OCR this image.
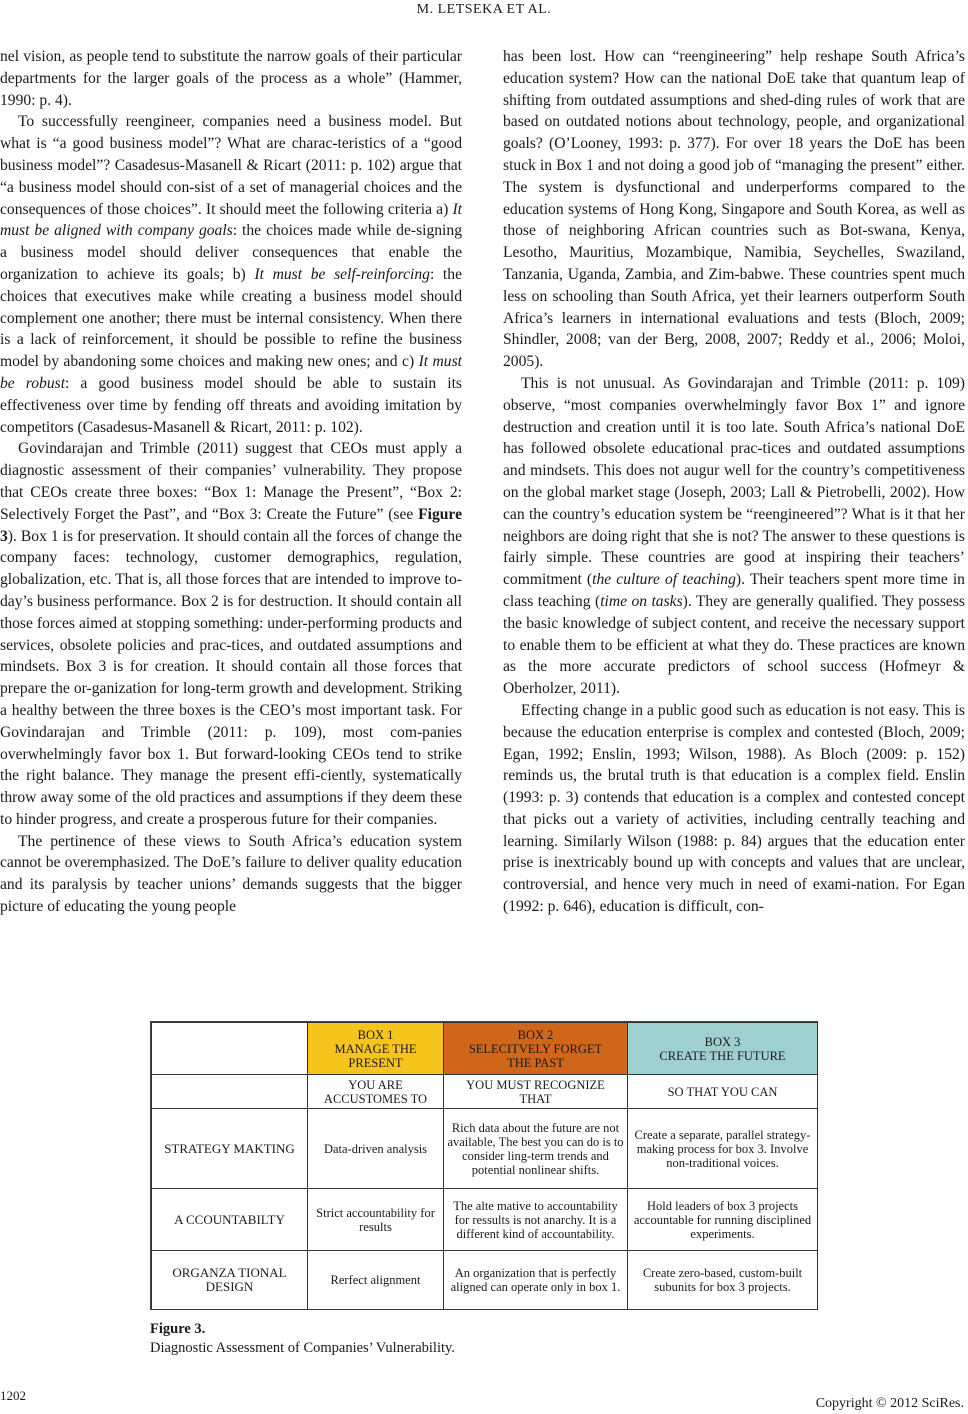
M. LETSEKA ET AL.

nel vision, as people tend to substitute the narrow goals of their particular departments for the larger goals of the process as a whole” (Hammer, 1990: p. 4).

To successfully reengineer, companies need a business model. But what is “a good business model”? What are charac-teristics of a “good business model”? Casadesus-Masanell & Ricart (2011: p. 102) argue that “a business model should con-sist of a set of managerial choices and the consequences of those choices”. It should meet the following criteria a) It must be aligned with company goals: the choices made while de-signing a business model should deliver consequences that enable the organization to achieve its goals; b) It must be self-reinforcing: the choices that executives make while creating a business model should complement one another; there must be internal consistency. When there is a lack of reinforcement, it should be possible to refine the business model by abandoning some choices and making new ones; and c) It must be robust: a good business model should be able to sustain its effectiveness over time by fending off threats and avoiding imitation by competitors (Casadesus-Masanell & Ricart, 2011: p. 102).

Govindarajan and Trimble (2011) suggest that CEOs must apply a diagnostic assessment of their companies’ vulnerability. They propose that CEOs create three boxes: “Box 1: Manage the Present”, “Box 2: Selectively Forget the Past”, and “Box 3: Create the Future” (see Figure 3). Box 1 is for preservation. It should contain all the forces of change the company faces: technology, customer demographics, regulation, globalization, etc. That is, all those forces that are intended to improve to-day’s business performance. Box 2 is for destruction. It should contain all those forces aimed at stopping something: under-performing products and services, obsolete policies and prac-tices, and outdated assumptions and mindsets. Box 3 is for creation. It should contain all those forces that prepare the or-ganization for long-term growth and development. Striking a healthy between the three boxes is the CEO’s most important task. For Govindarajan and Trimble (2011: p. 109), most com-panies overwhelmingly favor box 1. But forward-looking CEOs tend to strike the right balance. They manage the present effi-ciently, systematically throw away some of the old practices and assumptions if they deem these to hinder progress, and create a prosperous future for their companies.

The pertinence of these views to South Africa’s education system cannot be overemphasized. The DoE’s failure to deliver quality education and its paralysis by teacher unions’ demands suggests that the bigger picture of educating the young people

has been lost. How can “reengineering” help reshape South Africa’s education system? How can the national DoE take that quantum leap of shifting from outdated assumptions and shed-ding rules of work that are based on outdated notions about technology, people, and organizational goals? (O’Looney, 1993: p. 377). For over 18 years the DoE has been stuck in Box 1 and not doing a good job of “managing the present” either. The system is dysfunctional and underperforms compared to the education systems of Hong Kong, Singapore and South Korea, as well as those of neighboring African countries such as Bot-swana, Kenya, Lesotho, Mauritius, Mozambique, Namibia, Seychelles, Swaziland, Tanzania, Uganda, Zambia, and Zim-babwe. These countries spent much less on schooling than South Africa, yet their learners outperform South Africa’s learners in international evaluations and tests (Bloch, 2009; Shindler, 2008; van der Berg, 2008, 2007; Reddy et al., 2006; Moloi, 2005).

This is not unusual. As Govindarajan and Trimble (2011: p. 109) observe, “most companies overwhelmingly favor Box 1” and ignore destruction and creation until it is too late. South Africa’s national DoE has followed obsolete educational prac-tices and outdated assumptions and mindsets. This does not augur well for the country’s competitiveness on the global market stage (Joseph, 2003; Lall & Pietrobelli, 2002). How can the country’s education system be “reengineered”? What is it that her neighbors are doing right that she is not? The answer to these questions is fairly simple. These countries are good at inspiring their teachers’ commitment (the culture of teaching). Their teachers spent more time in class teaching (time on tasks). They are generally qualified. They possess the basic knowledge of subject content, and receive the necessary support to enable them to be efficient at what they do. These practices are known as the more accurate predictors of school success (Hofmeyr & Oberholzer, 2011).

Effecting change in a public good such as education is not easy. This is because the education enterprise is complex and contested (Bloch, 2009; Egan, 1992; Enslin, 1993; Wilson, 1988). As Bloch (2009: p. 152) reminds us, the brutal truth is that education is a complex field. Enslin (1993: p. 3) contends that education is a complex and contested concept that picks out a variety of activities, including centrally teaching and learning. Similarly Wilson (1988: p. 84) argues that the education enter prise is inextricably bound up with concepts and values that are unclear, controversial, and hence very much in need of exami-nation. For Egan (1992: p. 646), education is difficult, con-

	BOX 1
MANAGE THE
PRESENT	BOX 2
SELECITVELY FORGET
THE PAST	BOX 3
CREATE THE FUTURE
	YOU ARE
ACCUSTOMES TO	YOU MUST RECOGNIZE
THAT	SO THAT YOU CAN
STRATEGY MAKTING	Data-driven analysis	Rich data about the future are not available, The best you can do is to consider ling-term trends and potential nonlinear shifts.	Create a separate, parallel strategy-making process for box 3. Involve non-traditional voices.
A CCOUNTABILTY	Strict accountability for results	The alte mative to accountability for ressults is not anarchy. It is a different kind of accountability.	Hold leaders of box 3 projects accountable for running disciplined experiments.
ORGANZA TIONAL
DESIGN	Rerfect alignment	An organization that is perfectly aligned can operate only in box 1.	Create zero-based, custom-built subunits for box 3 projects.
Figure 3.
Diagnostic Assessment of Companies’ Vulnerability.
1202
Copyright © 2012 SciRes.
